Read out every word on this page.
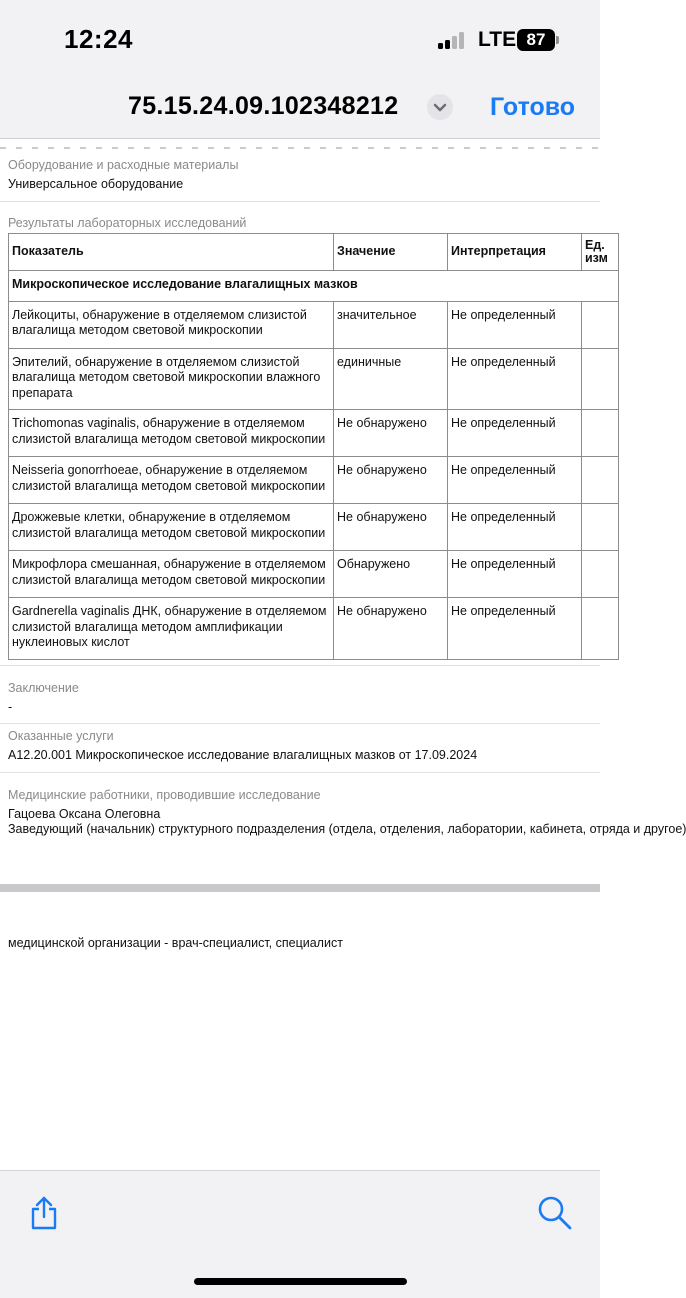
12:24	LTE 87
75.15.24.09.102348212	Готово
Оборудование и расходные материалы
Универсальное оборудование
Результаты лабораторных исследований
Показатель	Значение	Интерпретация	Ед. изм
Микроскопическое исследование влагалищных мазков			
Лейкоциты, обнаружение в отделяемом слизистой влагалища методом световой микроскопии	значительное	Не определенный	
Эпителий, обнаружение в отделяемом слизистой влагалища методом световой микроскопии влажного препарата	единичные	Не определенный	
Trichomonas vaginalis, обнаружение в отделяемом слизистой влагалища методом световой микроскопии	Не обнаружено	Не определенный	
Neisseria gonorrhoeae, обнаружение в отделяемом слизистой влагалища методом световой микроскопии	Не обнаружено	Не определенный	
Дрожжевые клетки, обнаружение в отделяемом слизистой влагалища методом световой микроскопии	Не обнаружено	Не определенный	
Микрофлора смешанная, обнаружение в отделяемом слизистой влагалища методом световой микроскопии	Обнаружено	Не определенный	
Gardnerella vaginalis ДНК, обнаружение в отделяемом слизистой влагалища методом амплификации нуклеиновых кислот	Не обнаружено	Не определенный	
Заключение
-
Оказанные услуги
A12.20.001 Микроскопическое исследование влагалищных мазков от 17.09.2024
Медицинские работники, проводившие исследование
Гацоева Оксана Олеговна
Заведующий (начальник) структурного подразделения (отдела, отделения, лаборатории, кабинета, отряда и другое)
медицинской организации - врач-специалист, специалист
